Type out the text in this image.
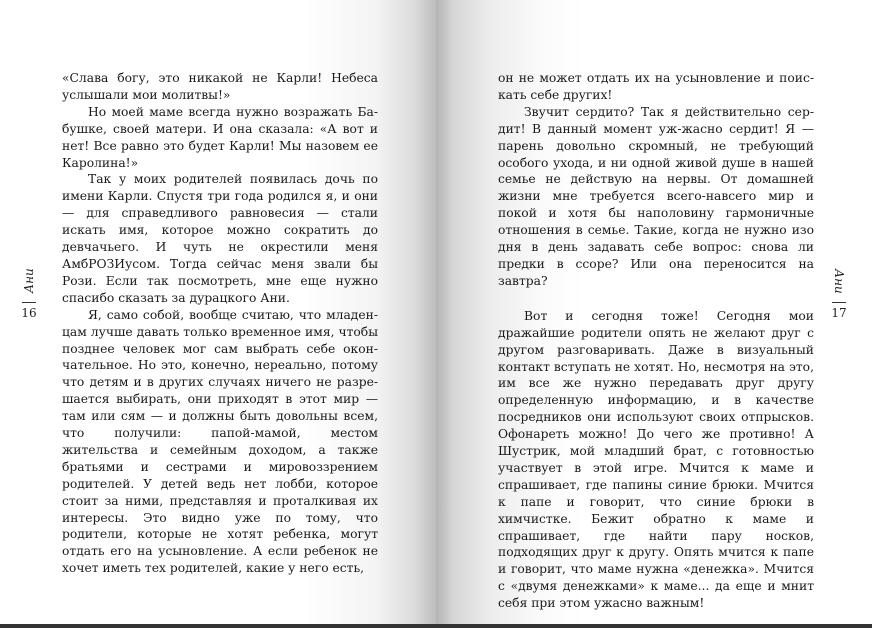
Ани
16

«Слава богу, это никакой не Карли! Небеса услышали мои молитвы!»

Но моей маме всегда нужно возражать Бабушке, своей матери. И она сказала: «А вот и нет! Все равно это будет Карли! Мы назовем ее Каролина!»

Так у моих родителей появилась дочь по имени Карли. Спустя три года родился я, и они — для справедливого равновесия — стали искать имя, которое можно сократить до девчачьего. И чуть не окрестили меня АмбРОЗИусом. Тогда сейчас меня звали бы Рози. Если так посмотреть, мне еще нужно спасибо сказать за дурацкого Ани.

Я, само собой, вообще считаю, что младенцам лучше давать только временное имя, чтобы позднее человек мог сам выбрать себе окончательное. Но это, конечно, нереально, потому что детям и в других случаях ничего не разрешается выбирать, они приходят в этот мир — там или сям — и должны быть довольны всем, что получили: папой-мамой, местом жительства и семейным доходом, а также братьями и сестрами и мировоззрением родителей. У детей ведь нет лобби, которое стоит за ними, представляя и проталкивая их интересы. Это видно уже по тому, что родители, которые не хотят ребенка, могут отдать его на усыновление. А если ребенок не хочет иметь тех родителей, какие у него есть,

Ани
17

он не может отдать их на усыновление и поискать себе других!

Звучит сердито? Так я действительно сердит! В данный момент уж-жасно сердит! Я — парень довольно скромный, не требующий особого ухода, и ни одной живой душе в нашей семье не действую на нервы. От домашней жизни мне требуется всего-навсего мир и покой и хотя бы наполовину гармоничные отношения в семье. Такие, когда не нужно изо дня в день задавать себе вопрос: снова ли предки в ссоре? Или она переносится на завтра?

Вот и сегодня тоже! Сегодня мои дражайшие родители опять не желают друг с другом разговаривать. Даже в визуальный контакт вступать не хотят. Но, несмотря на это, им все же нужно передавать друг другу определенную информацию, и в качестве посредников они используют своих отпрысков. Офонареть можно! До чего же противно! А Шустрик, мой младший брат, с готовностью участвует в этой игре. Мчится к маме и спрашивает, где папины синие брюки. Мчится к папе и говорит, что синие брюки в химчистке. Бежит обратно к маме и спрашивает, где найти пару носков, подходящих друг к другу. Опять мчится к папе и говорит, что маме нужна «денежка». Мчится с «двумя денежками» к маме... да еще и мнит себя при этом ужасно важным!
